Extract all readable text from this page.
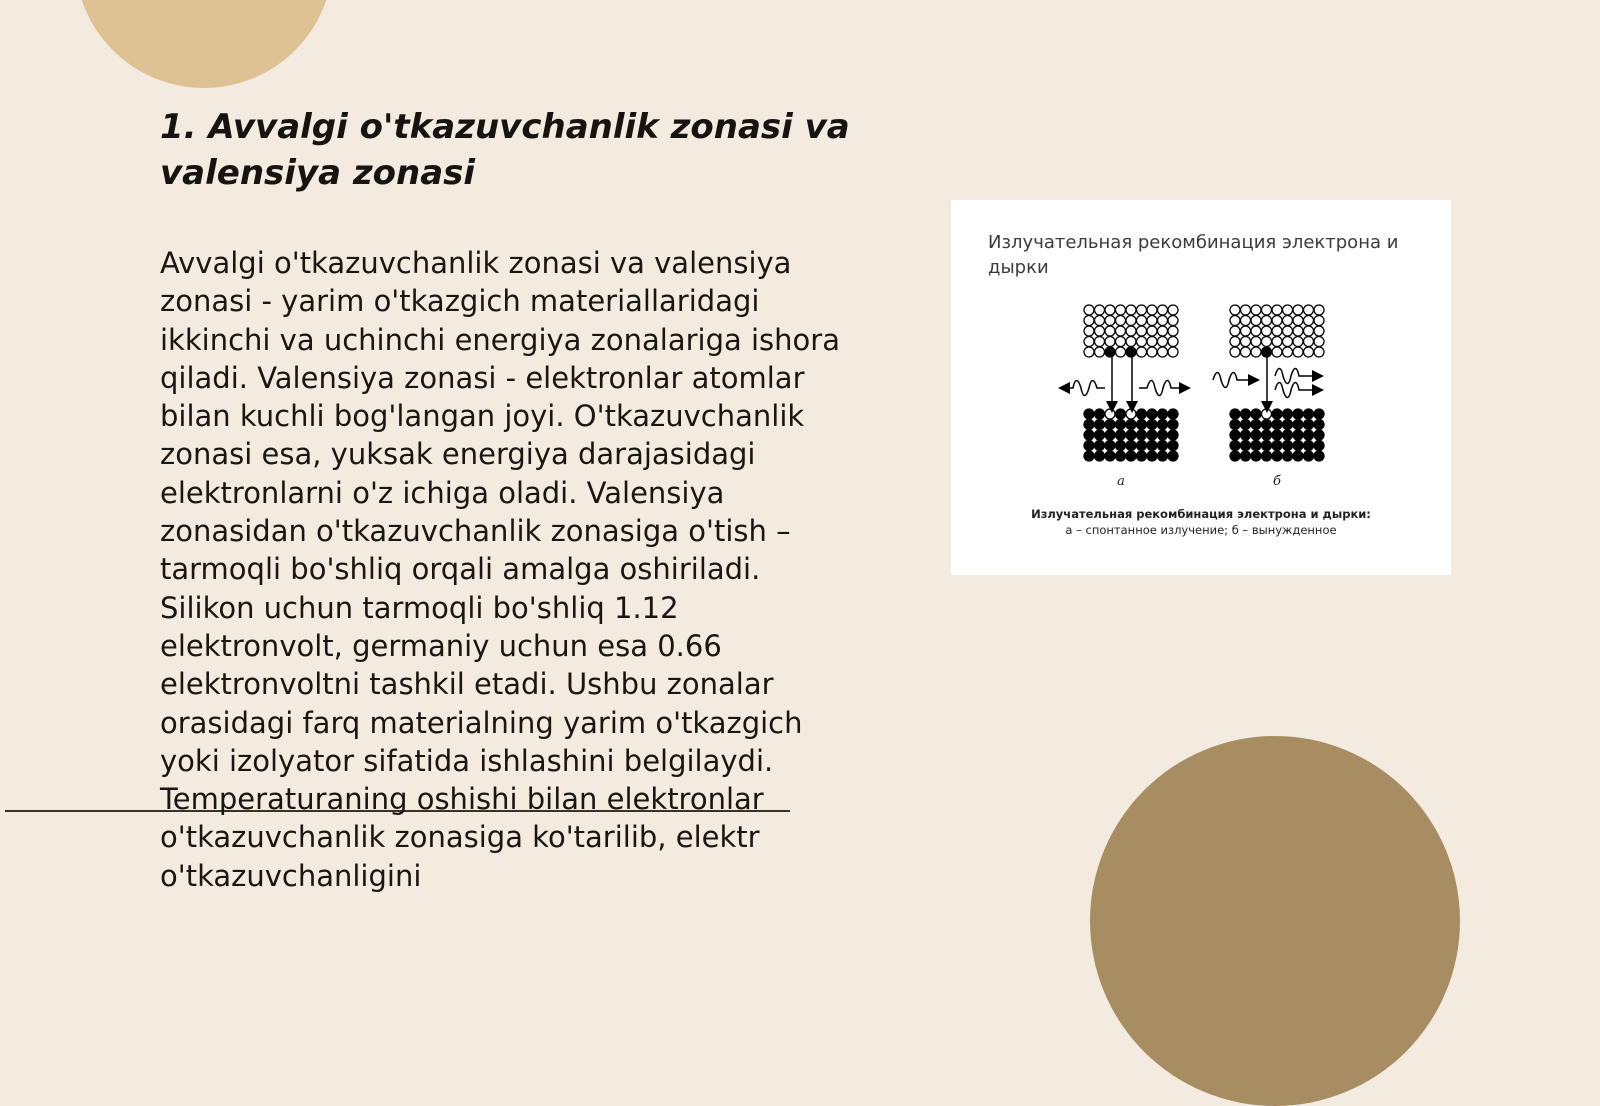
1. Avvalgi o'tkazuvchanlik zonasi va valensiya zonasi

Avvalgi o'tkazuvchanlik zonasi va valensiya zonasi - yarim o'tkazgich materiallaridagi ikkinchi va uchinchi energiya zonalariga ishora qiladi. Valensiya zonasi - elektronlar atomlar bilan kuchli bog'langan joyi. O'tkazuvchanlik zonasi esa, yuksak energiya darajasidagi elektronlarni o'z ichiga oladi. Valensiya zonasidan o'tkazuvchanlik zonasiga o'tish – tarmoqli bo'shliq orqali amalga oshiriladi. Silikon uchun tarmoqli bo'shliq 1.12 elektronvolt, germaniy uchun esa 0.66 elektronvoltni tashkil etadi. Ushbu zonalar orasidagi farq materialning yarim o'tkazgich yoki izolyator sifatida ishlashini belgilaydi. Temperaturaning oshishi bilan elektronlar o'tkazuvchanlik zonasiga ko'tarilib, elektr o'tkazuvchanligini

Излучательная рекомбинация электрона и дырки
а	б
Излучательная рекомбинация электрона и дырки:
а – спонтанное излучение; б – вынужденное
